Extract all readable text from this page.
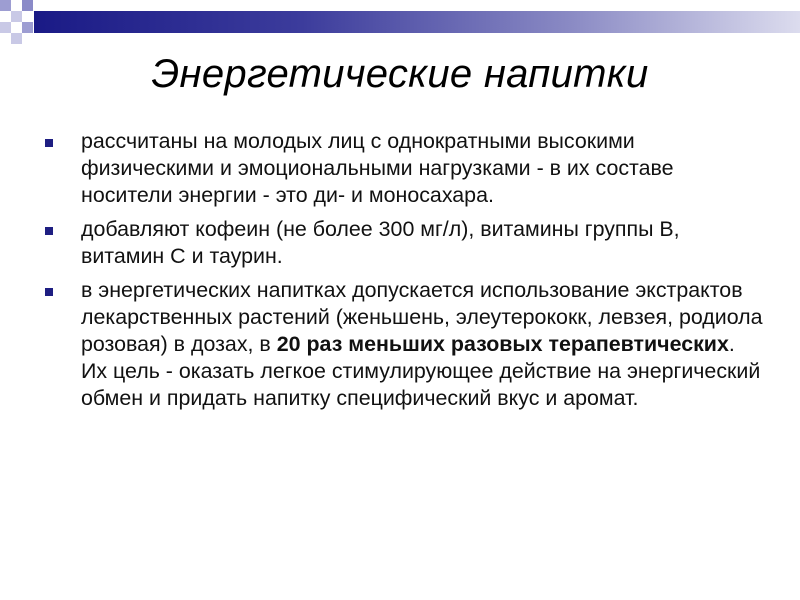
Энергетические напитки
рассчитаны на молодых лиц с однократными высокими физическими и эмоциональными нагрузками - в их составе носители энергии - это ди- и моносахара.
добавляют кофеин (не более 300 мг/л), витамины группы В, витамин С и таурин.
в энергетических напитках допускается использование экстрактов лекарственных растений (женьшень, элеутерококк, левзея, родиола розовая) в дозах, в 20 раз меньших разовых терапевтических. Их цель - оказать легкое стимулирующее действие на энергический обмен и придать напитку специфический вкус и аромат.
